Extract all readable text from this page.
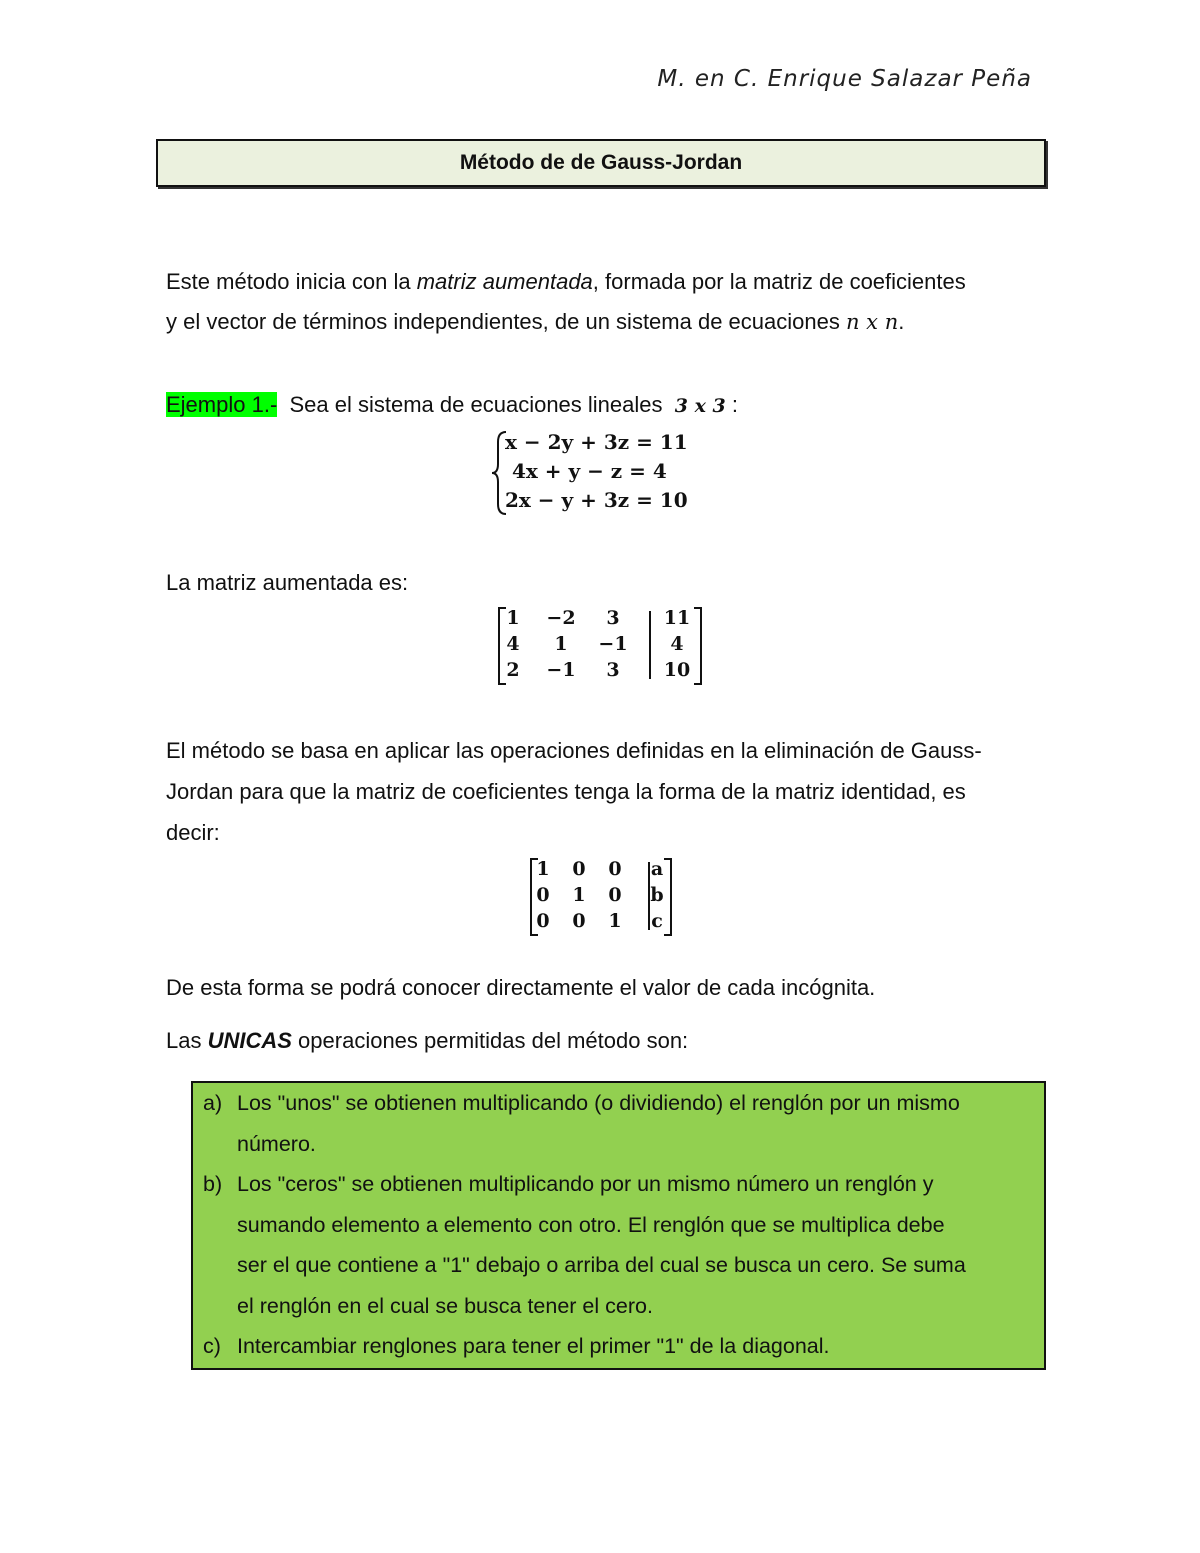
M. en C. Enrique Salazar Peña
Método de de Gauss-Jordan
Este método inicia con la matriz aumentada, formada por la matriz de coeficientes
y el vector de términos independientes, de un sistema de ecuaciones n x n.
Ejemplo 1.-  Sea el sistema de ecuaciones lineales  3 x 3 :
x − 2y + 3z = 11
4x + y − z = 4
2x − y + 3z = 10
La matriz aumentada es:
1	−2	3	11
4	1	−1	4
2	−1	3	10
El método se basa en aplicar las operaciones definidas en la eliminación de Gauss-
Jordan para que la matriz de coeficientes tenga la forma de la matriz identidad, es
decir:
1	0	0	a
0	1	0	b
0	0	1	c
De esta forma se podrá conocer directamente el valor de cada incógnita.
Las UNICAS operaciones permitidas del método son:
a) Los "unos" se obtienen multiplicando (o dividiendo) el renglón por un mismo
número.
b) Los "ceros" se obtienen multiplicando por un mismo número un renglón y
sumando elemento a elemento con otro. El renglón que se multiplica debe
ser el que contiene a "1" debajo o arriba del cual se busca un cero. Se suma
el renglón en el cual se busca tener el cero.
c) Intercambiar renglones para tener el primer "1" de la diagonal.
